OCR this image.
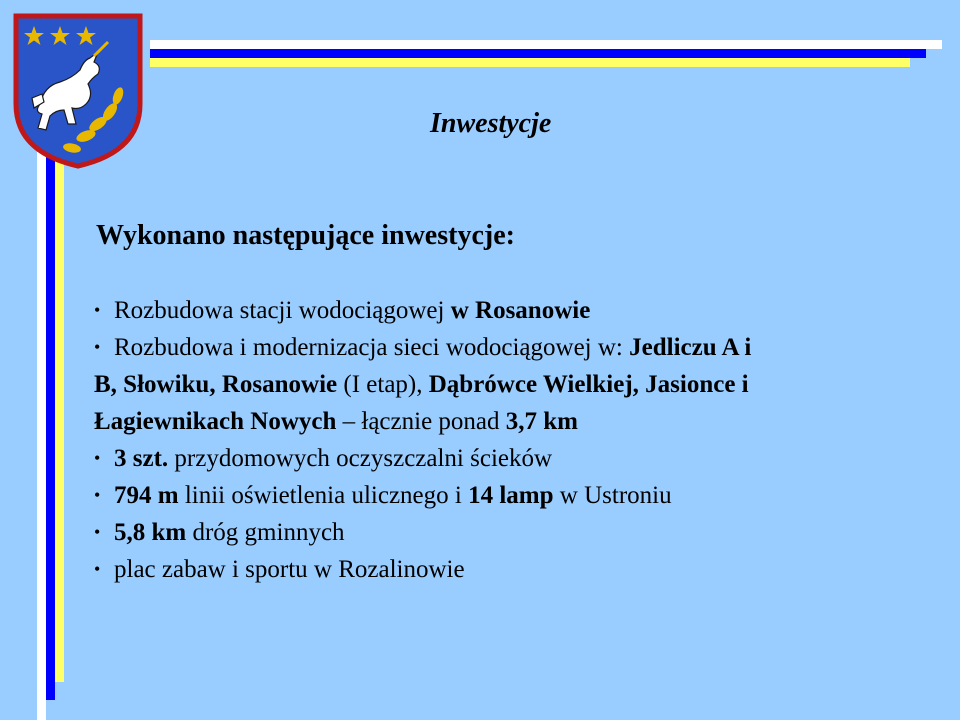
Inwestycje
Wykonano następujące inwestycje:
• Rozbudowa stacji wodociągowej w Rosanowie
• Rozbudowa i modernizacja sieci wodociągowej w: Jedliczu A i
B, Słowiku, Rosanowie (I etap), Dąbrówce Wielkiej, Jasionce i
Łagiewnikach Nowych – łącznie ponad 3,7 km
• 3 szt. przydomowych oczyszczalni ścieków
• 794 m linii oświetlenia ulicznego i 14 lamp w Ustroniu
• 5,8 km dróg gminnych
• plac zabaw i sportu w Rozalinowie
